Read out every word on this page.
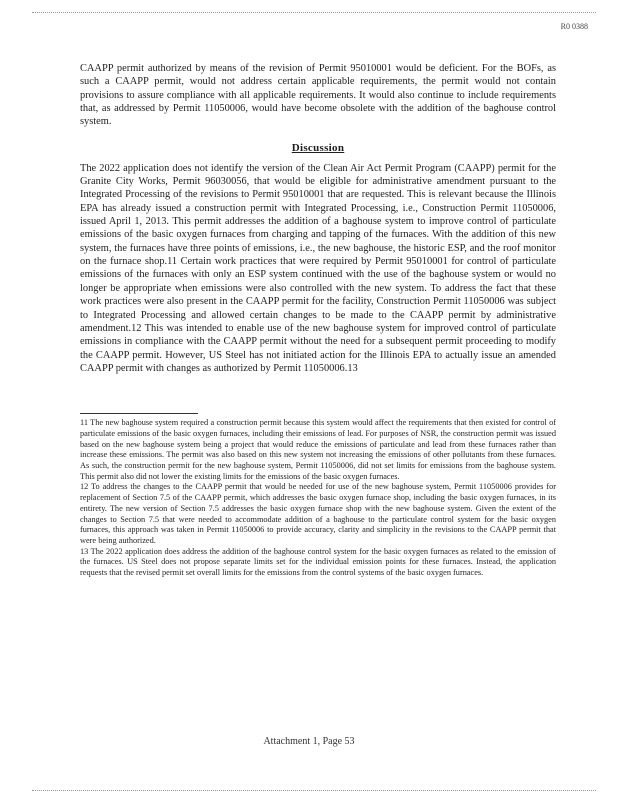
R0 0388

CAAPP permit authorized by means of the revision of Permit 95010001 would be deficient. For the BOFs, as such a CAAPP permit, would not address certain applicable requirements, the permit would not contain provisions to assure compliance with all applicable requirements. It would also continue to include requirements that, as addressed by Permit 11050006, would have become obsolete with the addition of the baghouse control system.

Discussion

The 2022 application does not identify the version of the Clean Air Act Permit Program (CAAPP) permit for the Granite City Works, Permit 96030056, that would be eligible for administrative amendment pursuant to the Integrated Processing of the revisions to Permit 95010001 that are requested. This is relevant because the Illinois EPA has already issued a construction permit with Integrated Processing, i.e., Construction Permit 11050006, issued April 1, 2013. This permit addresses the addition of a baghouse system to improve control of particulate emissions of the basic oxygen furnaces from charging and tapping of the furnaces. With the addition of this new system, the furnaces have three points of emissions, i.e., the new baghouse, the historic ESP, and the roof monitor on the furnace shop.11 Certain work practices that were required by Permit 95010001 for control of particulate emissions of the furnaces with only an ESP system continued with the use of the baghouse system or would no longer be appropriate when emissions were also controlled with the new system. To address the fact that these work practices were also present in the CAAPP permit for the facility, Construction Permit 11050006 was subject to Integrated Processing and allowed certain changes to be made to the CAAPP permit by administrative amendment.12 This was intended to enable use of the new baghouse system for improved control of particulate emissions in compliance with the CAAPP permit without the need for a subsequent permit proceeding to modify the CAAPP permit. However, US Steel has not initiated action for the Illinois EPA to actually issue an amended CAAPP permit with changes as authorized by Permit 11050006.13

11 The new baghouse system required a construction permit because this system would affect the requirements that then existed for control of particulate emissions of the basic oxygen furnaces, including their emissions of lead. For purposes of NSR, the construction permit was issued based on the new baghouse system being a project that would reduce the emissions of particulate and lead from these furnaces rather than increase these emissions. The permit was also based on this new system not increasing the emissions of other pollutants from these furnaces. As such, the construction permit for the new baghouse system, Permit 11050006, did not set limits for emissions from the baghouse system. This permit also did not lower the existing limits for the emissions of the basic oxygen furnaces.

12 To address the changes to the CAAPP permit that would be needed for use of the new baghouse system, Permit 11050006 provides for replacement of Section 7.5 of the CAAPP permit, which addresses the basic oxygen furnace shop, including the basic oxygen furnaces, in its entirety. The new version of Section 7.5 addresses the basic oxygen furnace shop with the new baghouse system. Given the extent of the changes to Section 7.5 that were needed to accommodate addition of a baghouse to the particulate control system for the basic oxygen furnaces, this approach was taken in Permit 11050006 to provide accuracy, clarity and simplicity in the revisions to the CAAPP permit that were being authorized.

13 The 2022 application does address the addition of the baghouse control system for the basic oxygen furnaces as related to the emission of the furnaces. US Steel does not propose separate limits set for the individual emission points for these furnaces. Instead, the application requests that the revised permit set overall limits for the emissions from the control systems of the basic oxygen furnaces.

Attachment 1, Page 53
